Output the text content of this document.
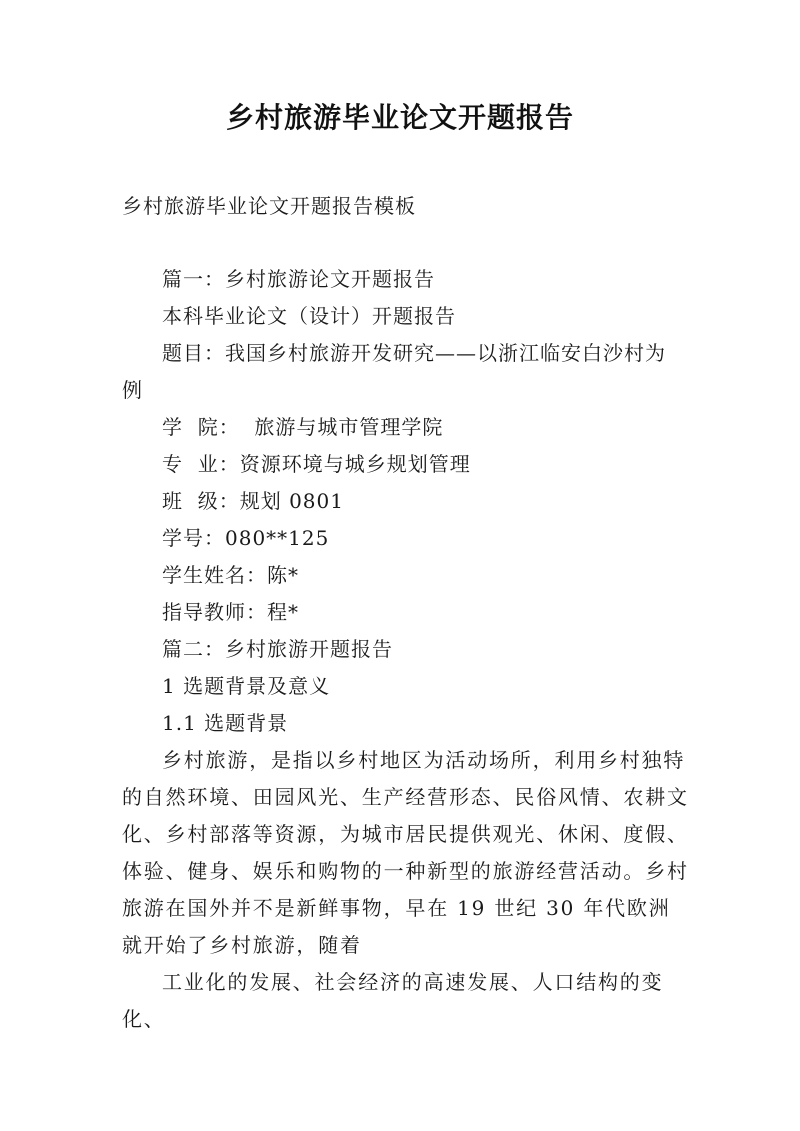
乡村旅游毕业论文开题报告
乡村旅游毕业论文开题报告模板
篇一：乡村旅游论文开题报告
本科毕业论文（设计）开题报告
题目：我国乡村旅游开发研究——以浙江临安白沙村为
例
学  院：  旅游与城市管理学院
专  业：资源环境与城乡规划管理
班  级：规划 0801
学号：080**125
学生姓名：陈*
指导教师：程*
篇二：乡村旅游开题报告
1 选题背景及意义
1.1 选题背景

乡村旅游，是指以乡村地区为活动场所，利用乡村独特的自然环境、田园风光、生产经营形态、民俗风情、农耕文化、乡村部落等资源，为城市居民提供观光、休闲、度假、体验、健身、娱乐和购物的一种新型的旅游经营活动。乡村旅游在国外并不是新鲜事物，早在 19 世纪 30 年代欧洲就开始了乡村旅游，随着

工业化的发展、社会经济的高速发展、人口结构的变化、
